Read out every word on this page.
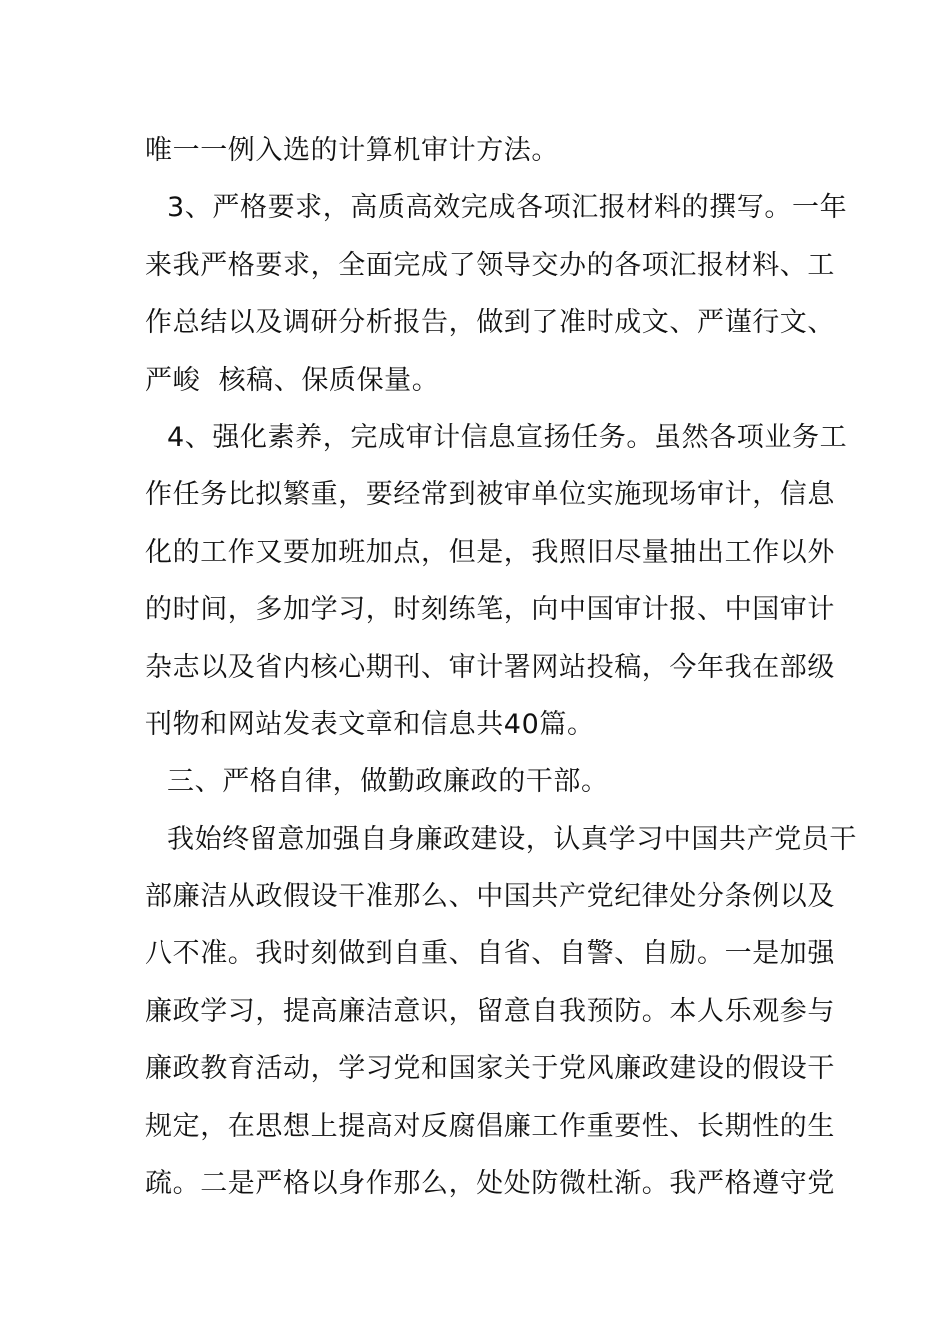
唯一一例入选的计算机审计方法。
3、严格要求，高质高效完成各项汇报材料的撰写。一年
来我严格要求，全面完成了领导交办的各项汇报材料、工
作总结以及调研分析报告，做到了准时成文、严谨行文、
严峻  核稿、保质保量。
4、强化素养，完成审计信息宣扬任务。虽然各项业务工
作任务比拟繁重，要经常到被审单位实施现场审计，信息
化的工作又要加班加点，但是，我照旧尽量抽出工作以外
的时间，多加学习，时刻练笔，向中国审计报、中国审计
杂志以及省内核心期刊、审计署网站投稿，今年我在部级
刊物和网站发表文章和信息共40篇。
三、严格自律，做勤政廉政的干部。
我始终留意加强自身廉政建设，认真学习中国共产党员干
部廉洁从政假设干准那么、中国共产党纪律处分条例以及
八不准。我时刻做到自重、自省、自警、自励。一是加强
廉政学习，提高廉洁意识，留意自我预防。本人乐观参与
廉政教育活动，学习党和国家关于党风廉政建设的假设干
规定，在思想上提高对反腐倡廉工作重要性、长期性的生
疏。二是严格以身作那么，处处防微杜渐。我严格遵守党
